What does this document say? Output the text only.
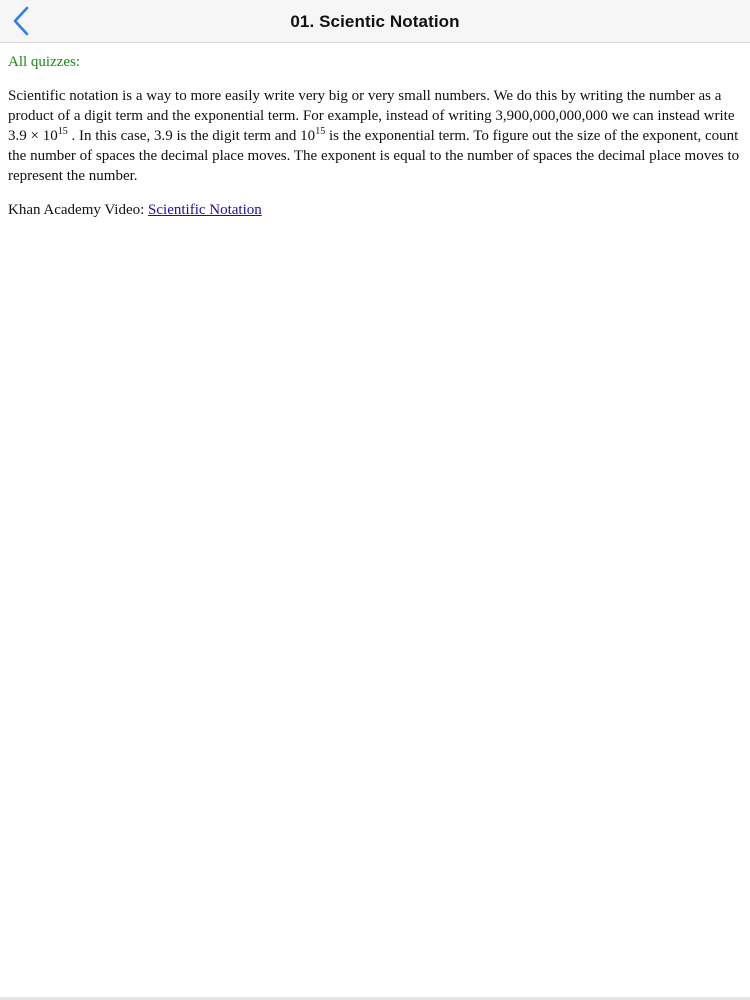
01. Scientic Notation

All quizzes:

Scientific notation is a way to more easily write very big or very small numbers. We do this by writing the number as a product of a digit term and the exponential term. For example, instead of writing 3,900,000,000,000 we can instead write $3.9 \times 10^{15}$ . In this case, 3.9 is the digit term and $10^{15}$ is the exponential term. To figure out the size of the exponent, count the number of spaces the decimal place moves. The exponent is equal to the number of spaces the decimal place moves to represent the number.

Khan Academy Video: Scientific Notation
